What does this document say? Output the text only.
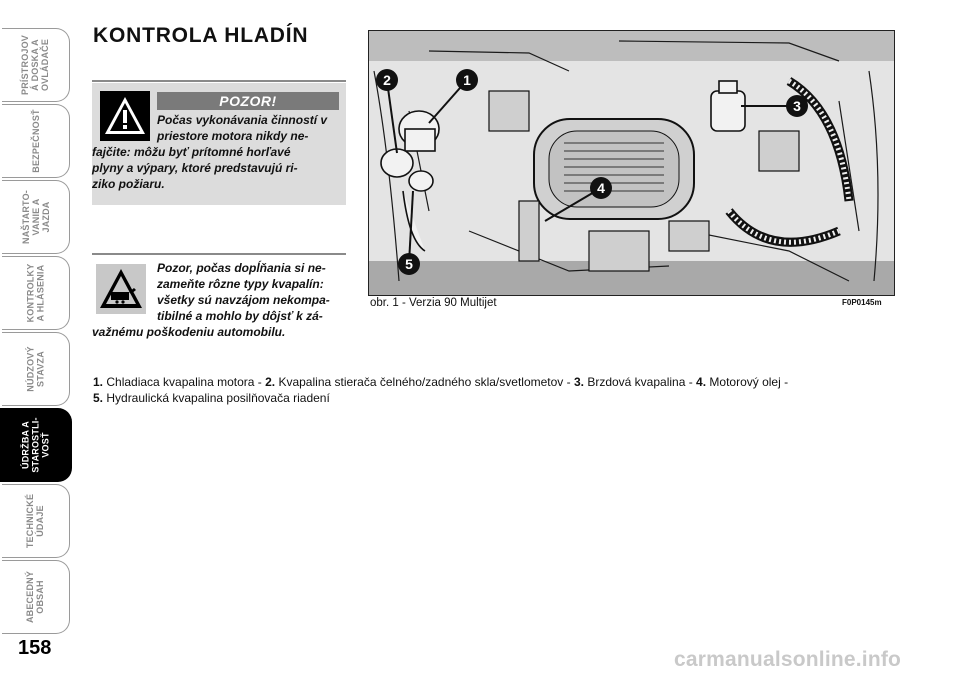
PRÍSTROJOV
Á DOSKA A
OVLÁDAČE
BEZPEČNOSŤ
NAŠTARTO-
VANIE A
JAZDA
KONTROLKY
A HLÁSENIA
NÚDZOVÝ
STAVZA
ÚDRŽBA A
STAROSTLI-
VOSŤ
TECHNICKÉ
ÚDAJE
ABECEDNÝ
OBSAH
158
KONTROLA HLADÍN
POZOR!
Počas vykonávania činností v
priestore motora nikdy ne-
fajčite: môžu byť prítomné horľavé
plyny a výpary, ktoré predstavujú ri-
ziko požiaru.
Pozor, počas dopĺňania si ne-
zameňte rôzne typy kvapalín:
všetky sú navzájom nekompa-
tibilné a mohlo by dôjsť k zá-
važnému poškodeniu automobilu.
1
2
3
4
5
obr. 1 - Verzia 90 Multijet	F0P0145m
1. Chladiaca kvapalina motora - 2. Kvapalina stierača čelného/zadného skla/svetlometov - 3. Brzdová kvapalina - 4. Motorový olej -
5. Hydraulická kvapalina posilňovača riadení
carmanualsonline.info
